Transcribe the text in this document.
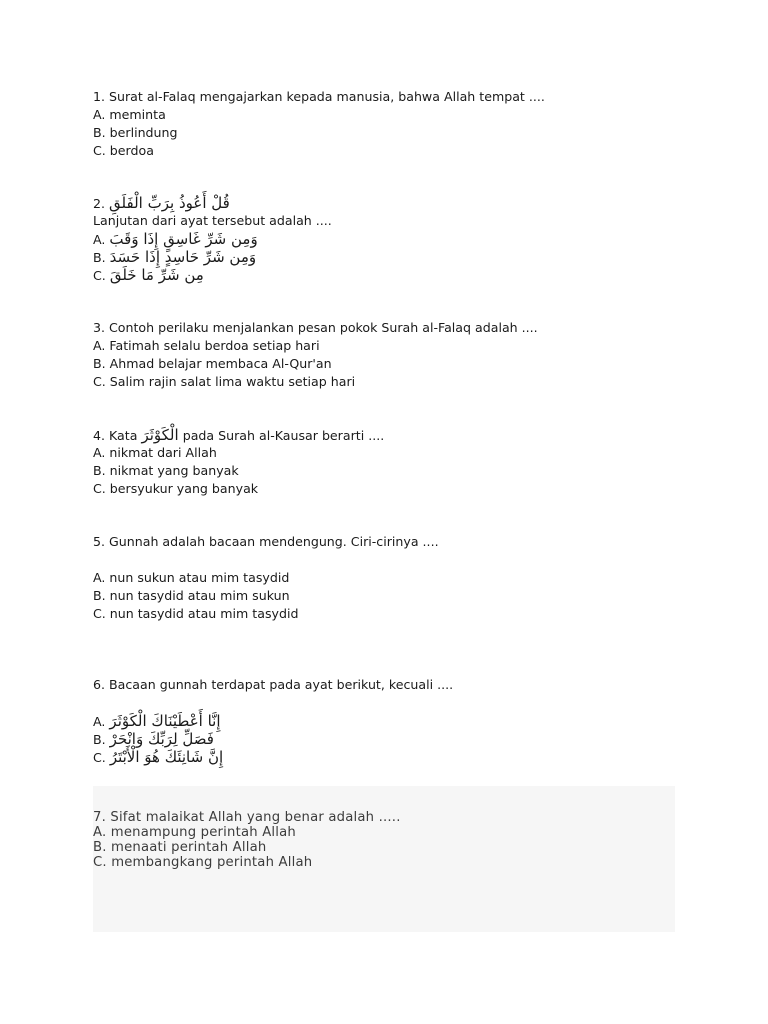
1. Surat al-Falaq mengajarkan kepada manusia, bahwa Allah tempat ....
A. meminta
B. berlindung
C. berdoa
2. قُلْ أَعُوذُ بِرَبِّ الْفَلَقِ
Lanjutan dari ayat tersebut adalah ....
A. وَمِن شَرِّ غَاسِقٍ إِذَا وَقَبَ
B. وَمِن شَرِّ حَاسِدٍ إِذَا حَسَدَ
C. مِن شَرِّ مَا خَلَقَ
3. Contoh perilaku menjalankan pesan pokok Surah al-Falaq adalah ....
A. Fatimah selalu berdoa setiap hari
B. Ahmad belajar membaca Al-Qur'an
C. Salim rajin salat lima waktu setiap hari
4. Kata الْكَوْثَرَ pada Surah al-Kausar berarti ....
A. nikmat dari Allah
B. nikmat yang banyak
C. bersyukur yang banyak
5. Gunnah adalah bacaan mendengung. Ciri-cirinya ....
A. nun sukun atau mim tasydid
B. nun tasydid atau mim sukun
C. nun tasydid atau mim tasydid
6. Bacaan gunnah terdapat pada ayat berikut, kecuali ....
A. إِنَّا أَعْطَيْنَاكَ الْكَوْثَرَ
B. فَصَلِّ لِرَبِّكَ وَانْحَرْ
C. إِنَّ شَانِئَكَ هُوَ الْأَبْتَرُ
7. Sifat malaikat Allah yang benar adalah .....
A. menampung perintah Allah
B. menaati perintah Allah
C. membangkang perintah Allah
